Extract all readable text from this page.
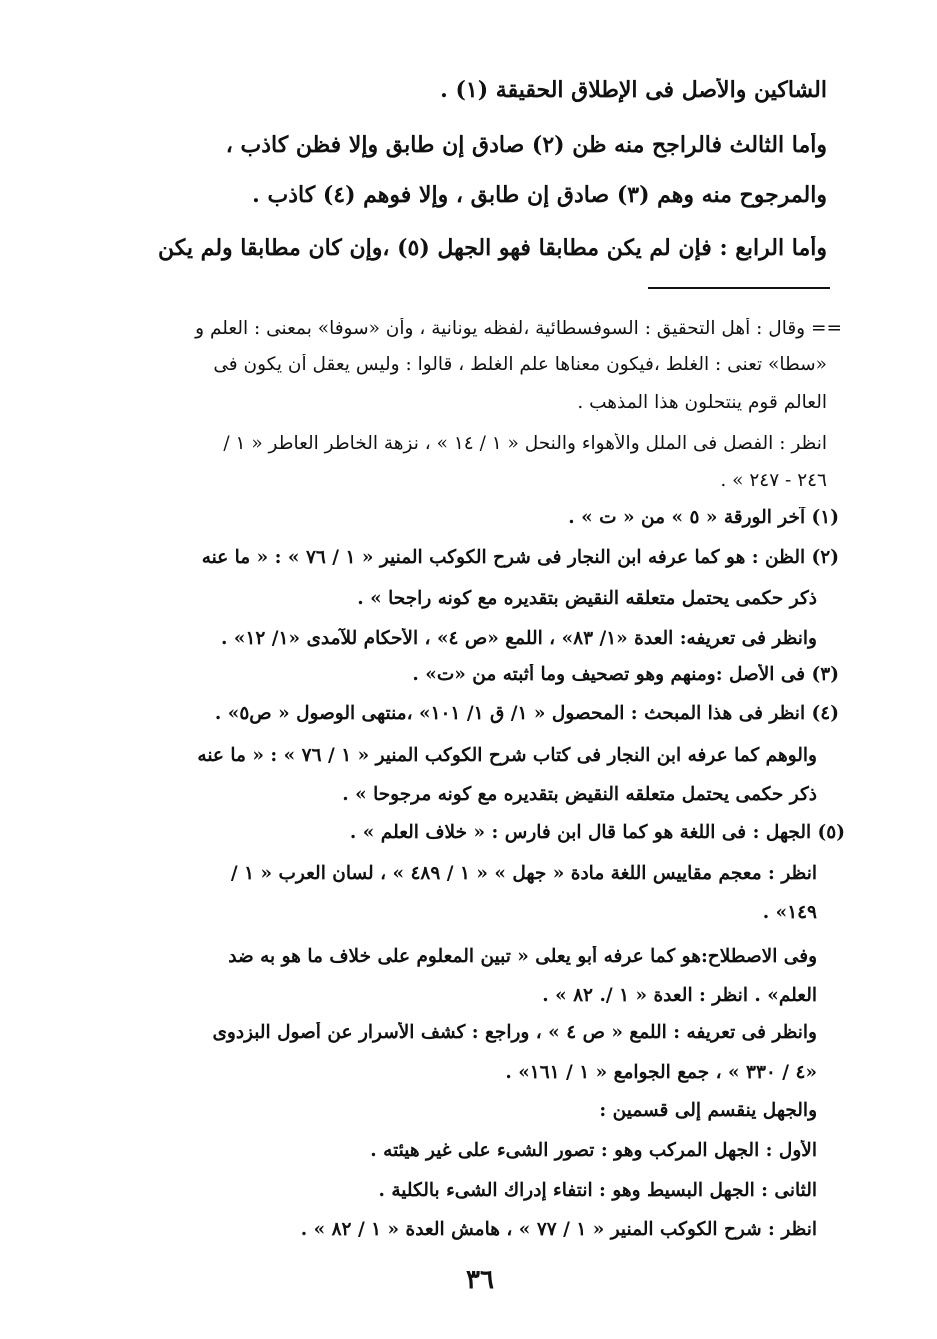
الشاكين والأصل فى الإطلاق الحقيقة (١) .
وأما الثالث فالراجح منه ظن (٢) صادق إن طابق وإلا فظن كاذب ،
والمرجوح منه وهم (٣) صادق إن طابق ، وإلا فوهم (٤) كاذب .
وأما الرابع : فإن لم يكن مطابقا فهو الجهل (٥) ،وإن كان مطابقا ولم يكن
== وقال : أهل التحقيق : السوفسطائية ،لفظه يونانية ، وأن «سوفا» بمعنى : العلم و
«سطا» تعنى : الغلط ،فيكون معناها علم الغلط ، قالوا : وليس يعقل أن يكون فى
العالم قوم ينتحلون هذا المذهب .
انظر : الفصل فى الملل والأهواء والنحل « ١ / ١٤ » ، نزهة الخاطر العاطر « ١ /
٢٤٦ - ٢٤٧ » .
(١) آخر الورقة « ٥ » من « ت » .
(٢) الظن : هو كما عرفه ابن النجار فى شرح الكوكب المنير « ١ / ٧٦ » : « ما عنه
ذكر حكمى يحتمل متعلقه النقيض بتقديره مع كونه راجحا » .
وانظر فى تعريفه: العدة «١/ ٨٣» ، اللمع «ص ٤» ، الأحكام للآمدى «١/ ١٢» .
(٣) فى الأصل :ومنهم وهو تصحيف وما أثبته من «ت» .
(٤) انظر فى هذا المبحث : المحصول « ١/ ق ١/ ١٠١» ،منتهى الوصول « ص٥» .
والوهم كما عرفه ابن النجار فى كتاب شرح الكوكب المنير « ١ / ٧٦ » : « ما عنه
ذكر حكمى يحتمل متعلقه النقيض بتقديره مع كونه مرجوحا » .
(٥) الجهل : فى اللغة هو كما قال ابن فارس : « خلاف العلم » .
انظر : معجم مقاييس اللغة مادة « جهل » « ١ / ٤٨٩ » ، لسان العرب « ١ /
١٤٩» .
وفى الاصطلاح:هو كما عرفه أبو يعلى « تبين المعلوم على خلاف ما هو به ضد
العلم» . انظر : العدة « ١ /. ٨٢ » .
وانظر فى تعريفه : اللمع « ص ٤ » ، وراجع : كشف الأسرار عن أصول البزدوى
«٤ / ٣٣٠ » ، جمع الجوامع « ١ / ١٦١» .
والجهل ينقسم إلى قسمين :
الأول : الجهل المركب وهو : تصور الشىء على غير هيئته .
الثانى : الجهل البسيط وهو : انتفاء إدراك الشىء بالكلية .
انظر : شرح الكوكب المنير « ١ / ٧٧ » ، هامش العدة « ١ / ٨٢ » .
٣٦
